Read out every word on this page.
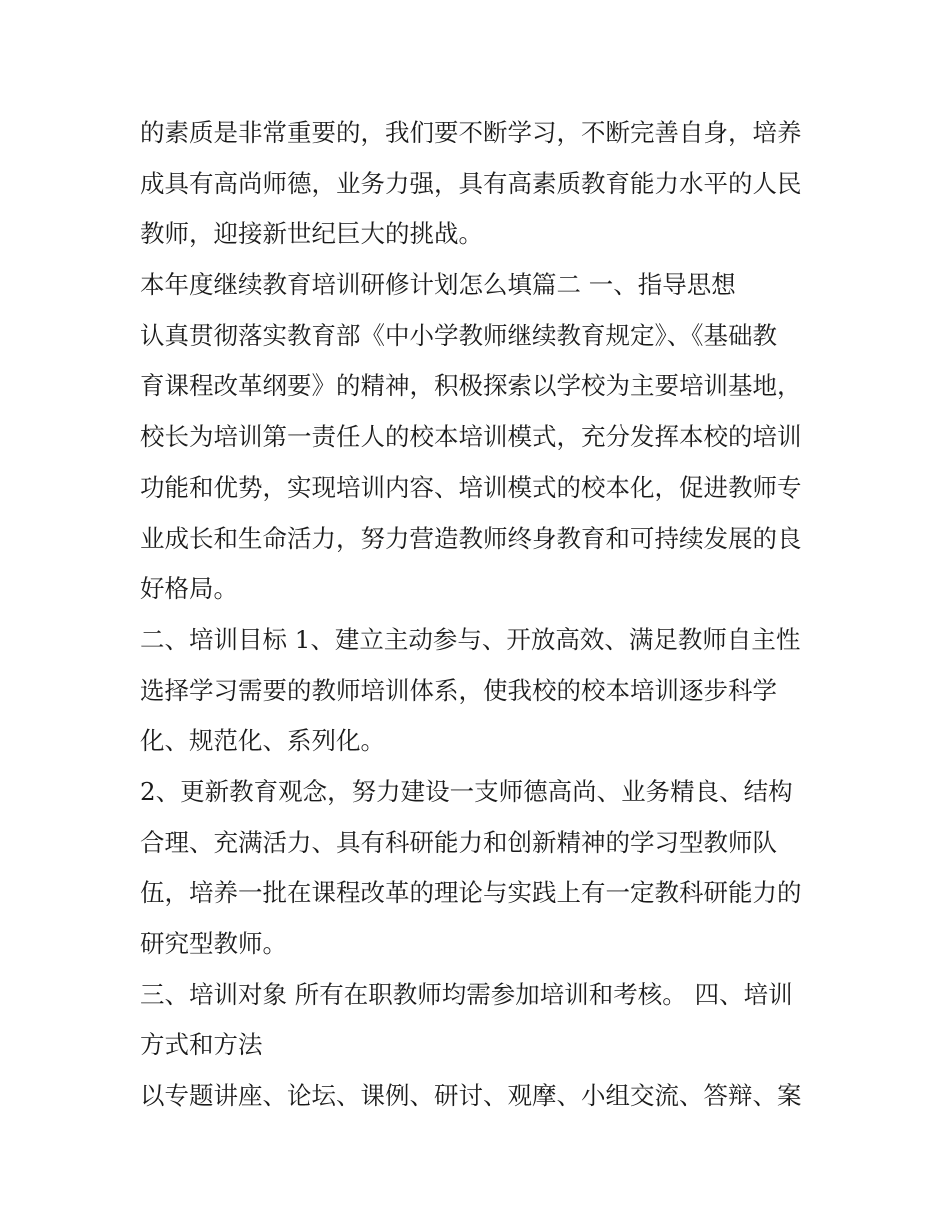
的素质是非常重要的，我们要不断学习，不断完善自身，培养
成具有高尚师德，业务力强，具有高素质教育能力水平的人民
教师，迎接新世纪巨大的挑战。
本年度继续教育培训研修计划怎么填篇二 一、指导思想
认真贯彻落实教育部《中小学教师继续教育规定》、《基础教
育课程改革纲要》的精神，积极探索以学校为主要培训基地，
校长为培训第一责任人的校本培训模式，充分发挥本校的培训
功能和优势，实现培训内容、培训模式的校本化，促进教师专
业成长和生命活力，努力营造教师终身教育和可持续发展的良
好格局。
二、培训目标 1、建立主动参与、开放高效、满足教师自主性
选择学习需要的教师培训体系，使我校的校本培训逐步科学
化、规范化、系列化。
2、更新教育观念，努力建设一支师德高尚、业务精良、结构
合理、充满活力、具有科研能力和创新精神的学习型教师队
伍，培养一批在课程改革的理论与实践上有一定教科研能力的
研究型教师。
三、培训对象 所有在职教师均需参加培训和考核。 四、培训
方式和方法
以专题讲座、论坛、课例、研讨、观摩、小组交流、答辩、案
